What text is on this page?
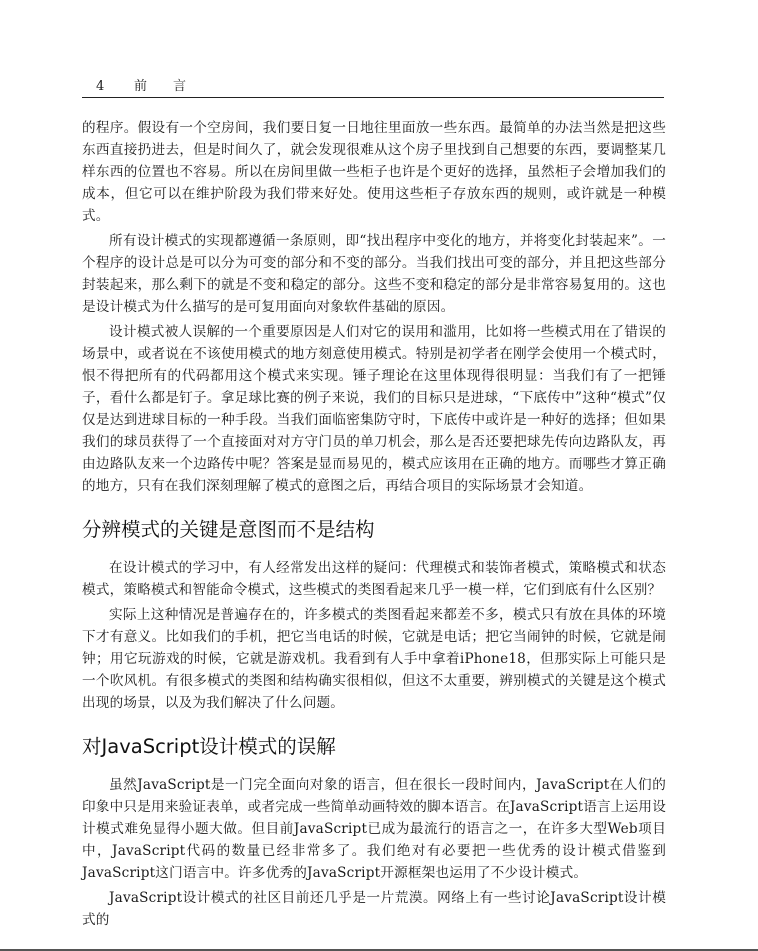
4 前言

的程序。假设有一个空房间，我们要日复一日地往里面放一些东西。最简单的办法当然是把这些东西直接扔进去，但是时间久了，就会发现很难从这个房子里找到自己想要的东西，要调整某几样东西的位置也不容易。所以在房间里做一些柜子也许是个更好的选择，虽然柜子会增加我们的成本，但它可以在维护阶段为我们带来好处。使用这些柜子存放东西的规则，或许就是一种模式。

所有设计模式的实现都遵循一条原则，即“找出程序中变化的地方，并将变化封装起来”。一个程序的设计总是可以分为可变的部分和不变的部分。当我们找出可变的部分，并且把这些部分封装起来，那么剩下的就是不变和稳定的部分。这些不变和稳定的部分是非常容易复用的。这也是设计模式为什么描写的是可复用面向对象软件基础的原因。

设计模式被人误解的一个重要原因是人们对它的误用和滥用，比如将一些模式用在了错误的场景中，或者说在不该使用模式的地方刻意使用模式。特别是初学者在刚学会使用一个模式时，恨不得把所有的代码都用这个模式来实现。锤子理论在这里体现得很明显：当我们有了一把锤子，看什么都是钉子。拿足球比赛的例子来说，我们的目标只是进球，“下底传中”这种“模式”仅仅是达到进球目标的一种手段。当我们面临密集防守时，下底传中或许是一种好的选择；但如果我们的球员获得了一个直接面对对方守门员的单刀机会，那么是否还要把球先传向边路队友，再由边路队友来一个边路传中呢？答案是显而易见的，模式应该用在正确的地方。而哪些才算正确的地方，只有在我们深刻理解了模式的意图之后，再结合项目的实际场景才会知道。

分辨模式的关键是意图而不是结构

在设计模式的学习中，有人经常发出这样的疑问：代理模式和装饰者模式，策略模式和状态模式，策略模式和智能命令模式，这些模式的类图看起来几乎一模一样，它们到底有什么区别？

实际上这种情况是普遍存在的，许多模式的类图看起来都差不多，模式只有放在具体的环境下才有意义。比如我们的手机，把它当电话的时候，它就是电话；把它当闹钟的时候，它就是闹钟；用它玩游戏的时候，它就是游戏机。我看到有人手中拿着iPhone18，但那实际上可能只是一个吹风机。有很多模式的类图和结构确实很相似，但这不太重要，辨别模式的关键是这个模式出现的场景，以及为我们解决了什么问题。

对JavaScript设计模式的误解

虽然JavaScript是一门完全面向对象的语言，但在很长一段时间内，JavaScript在人们的印象中只是用来验证表单，或者完成一些简单动画特效的脚本语言。在JavaScript语言上运用设计模式难免显得小题大做。但目前JavaScript已成为最流行的语言之一，在许多大型Web项目中，JavaScript代码的数量已经非常多了。我们绝对有必要把一些优秀的设计模式借鉴到JavaScript这门语言中。许多优秀的JavaScript开源框架也运用了不少设计模式。

JavaScript设计模式的社区目前还几乎是一片荒漠。网络上有一些讨论JavaScript设计模式的
